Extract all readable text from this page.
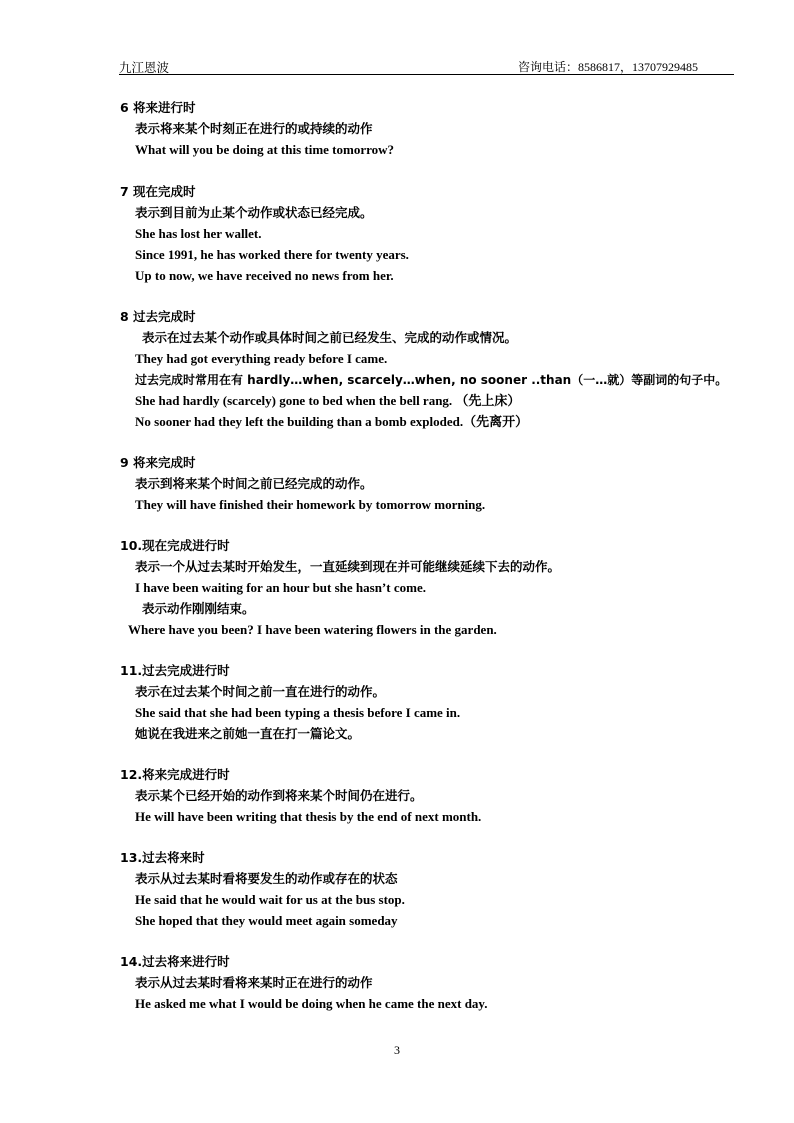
九江恩波	咨询电话：8586817，13707929485
6 将来进行时
表示将来某个时刻正在进行的或持续的动作
What will you be doing at this time tomorrow?
7 现在完成时
表示到目前为止某个动作或状态已经完成。
She has lost her wallet.
Since 1991, he has worked there for twenty years.
Up to now, we have received no news from her.
8 过去完成时
表示在过去某个动作或具体时间之前已经发生、完成的动作或情况。
They had got everything ready before I came.
过去完成时常用在有 hardly…when, scarcely…when, no sooner ..than（一…就）等副词的句子中。
She had hardly (scarcely) gone to bed when the bell rang. （先上床）
No sooner had they left the building than a bomb exploded.（先离开）
9 将来完成时
表示到将来某个时间之前已经完成的动作。
They will have finished their homework by tomorrow morning.
10.现在完成进行时
表示一个从过去某时开始发生，一直延续到现在并可能继续延续下去的动作。
I have been waiting for an hour but she hasn’t come.
表示动作刚刚结束。
Where have you been? I have been watering flowers in the garden.
11.过去完成进行时
表示在过去某个时间之前一直在进行的动作。
She said that she had been typing a thesis before I came in.
她说在我进来之前她一直在打一篇论文。
12.将来完成进行时
表示某个已经开始的动作到将来某个时间仍在进行。
He will have been writing that thesis by the end of next month.
13.过去将来时
表示从过去某时看将要发生的动作或存在的状态
He said that he would wait for us at the bus stop.
She hoped that they would meet again someday
14.过去将来进行时
表示从过去某时看将来某时正在进行的动作
He asked me what I would be doing when he came the next day.
3
